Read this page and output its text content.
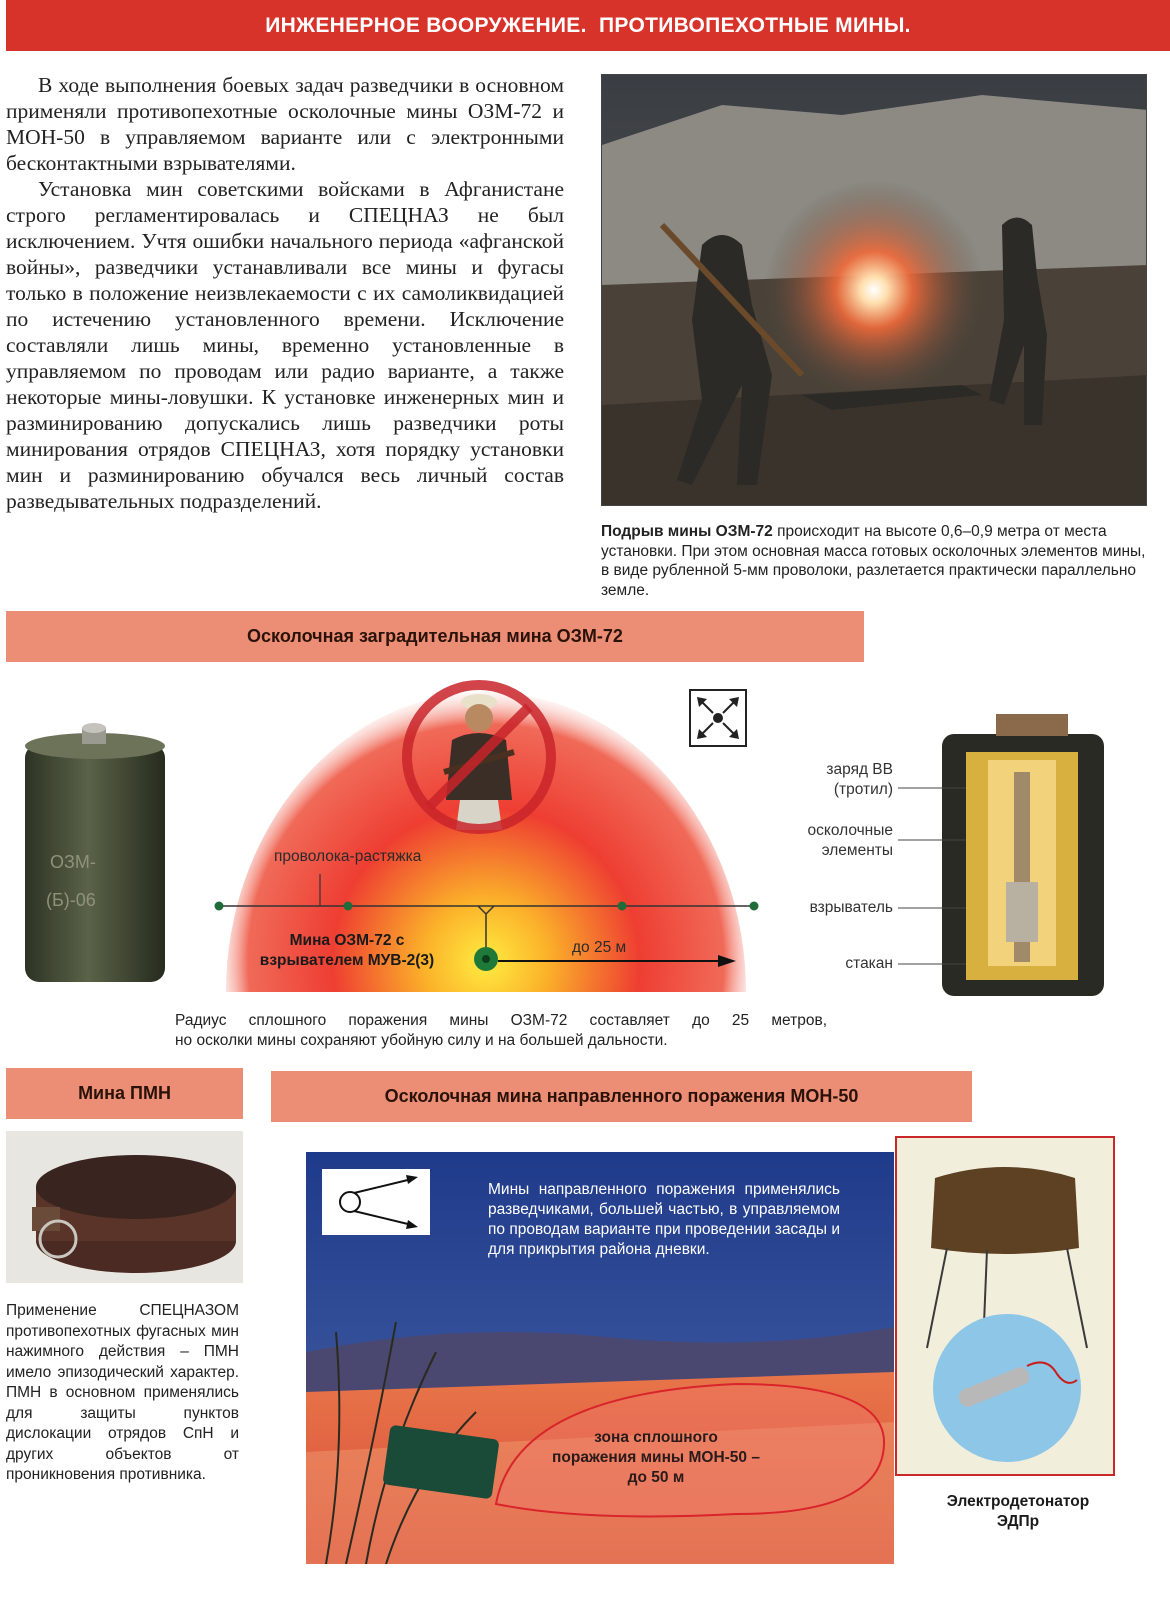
ИНЖЕНЕРНОЕ ВООРУЖЕНИЕ.  ПРОТИВОПЕХОТНЫЕ МИНЫ.

В ходе выполнения боевых задач разведчики в основном применяли противопехотные осколочные мины ОЗМ-72 и МОН-50 в управляемом варианте или с электронными бесконтактными взрывателями.

Установка мин советскими войсками в Афганистане строго регламентировалась и СПЕЦНАЗ не был исключением. Учтя ошибки начального периода «афганской войны», разведчики устанавливали все мины и фугасы только в положение неизвлекаемости с их самоликвидацией по истечению установленного времени. Исключение составляли лишь мины, временно установленные в управляемом по проводам или радио варианте, а также некоторые мины-ловушки. К установке инженерных мин и разминированию допускались лишь разведчики роты минирования отрядов СПЕЦНАЗ, хотя порядку установки мин и разминированию обучался весь личный состав разведывательных подразделений.

Подрыв мины ОЗМ-72 происходит на высоте 0,6–0,9 метра от места установки. При этом основная масса готовых осколочных элементов мины, в виде рубленной 5-мм проволоки, разлетается практически параллельно земле.
Осколочная заградительная мина ОЗМ-72
ОЗМ-
(Б)-06
проволока-растяжка
Мина ОЗМ-72 с
взрывателем МУВ-2(3)
до 25 м
заряд ВВ
(тротил)
осколочные
элементы
взрыватель
стакан
Радиус сплошного поражения мины ОЗМ-72 составляет до 25 метров,
но осколки мины сохраняют убойную силу и на большей дальности.
Мина ПМН
Применение СПЕЦНАЗОМ противопехотных фугасных мин нажимного действия – ПМН имело эпизодический характер. ПМН в основном применялись для защиты пунктов дислокации отрядов СпН и других объектов от проникновения противника.
Осколочная мина направленного поражения МОН-50
Мины направленного поражения применялись разведчиками, большей частью, в управляемом по проводам варианте при проведении засады и для прикрытия района дневки.
зона сплошного
поражения мины МОН-50 –
до 50 м
Электродетонатор
ЭДПр
